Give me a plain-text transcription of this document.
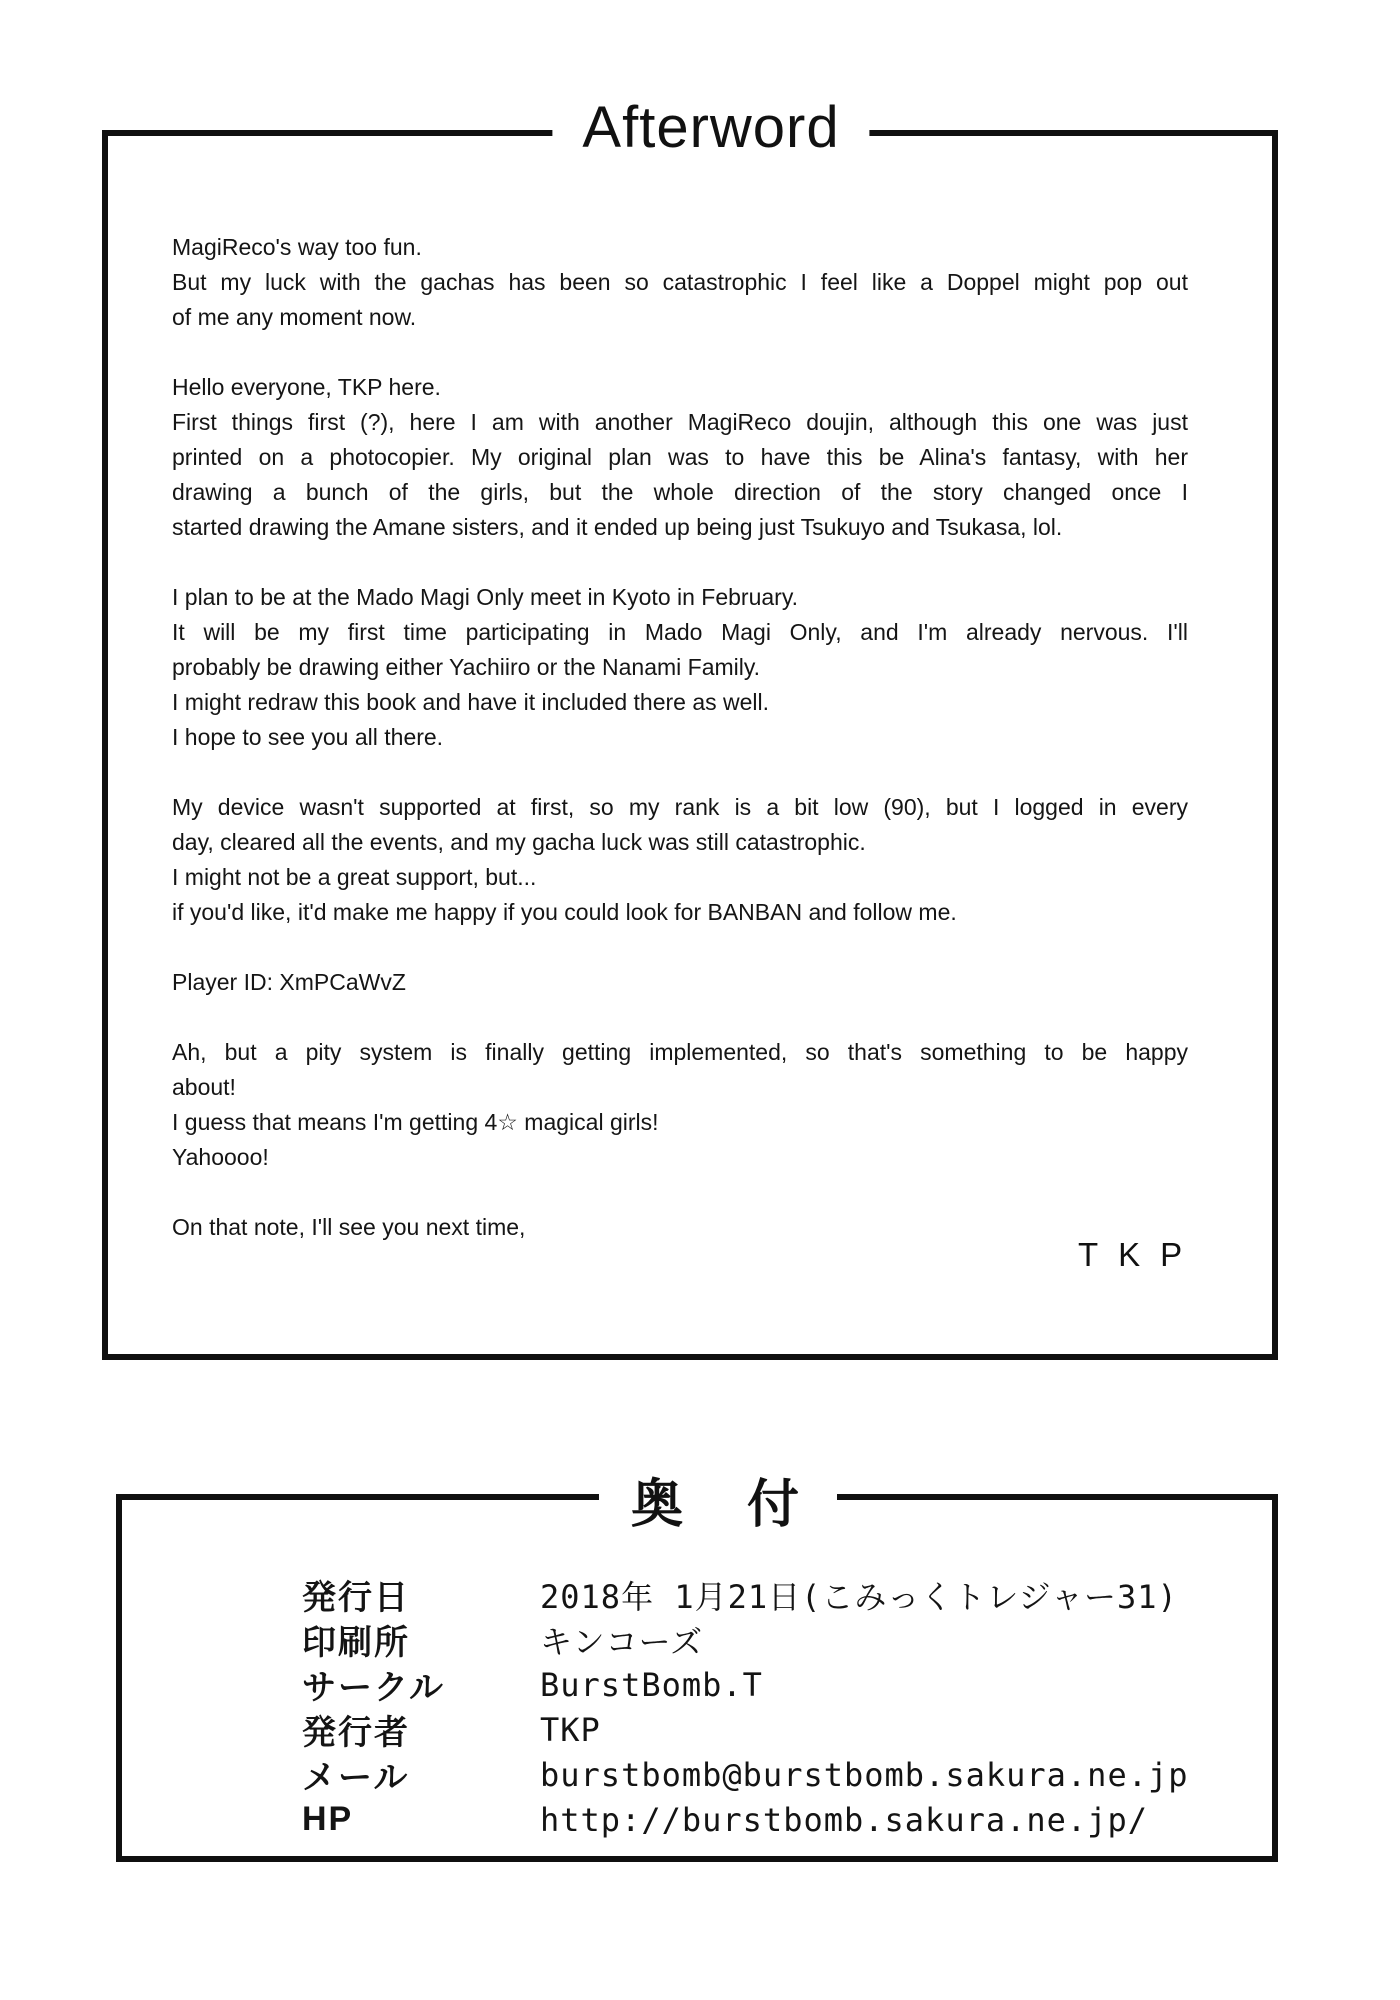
Afterword
MagiReco's way too fun.
But my luck with the gachas has been so catastrophic I feel like a Doppel might pop out
of me any moment now.
Hello everyone, TKP here.
First things first (?), here I am with another MagiReco doujin, although this one was just
printed on a photocopier. My original plan was to have this be Alina's fantasy, with her
drawing a bunch of the girls, but the whole direction of the story changed once I
started drawing the Amane sisters, and it ended up being just Tsukuyo and Tsukasa, lol.
I plan to be at the Mado Magi Only meet in Kyoto in February.
It will be my first time participating in Mado Magi Only, and I'm already nervous. I'll
probably be drawing either Yachiiro or the Nanami Family.
I might redraw this book and have it included there as well.
I hope to see you all there.
My device wasn't supported at first, so my rank is a bit low (90), but I logged in every
day, cleared all the events, and my gacha luck was still catastrophic.
I might not be a great support, but...
if you'd like, it'd make me happy if you could look for BANBAN and follow me.
Player ID: XmPCaWvZ
Ah, but a pity system is finally getting implemented, so that's something to be happy
about!
I guess that means I'm getting 4☆ magical girls!
Yahoooo!
On that note, I'll see you next time,
TKP
奥　付
発行日	2018年 1月21日(こみっくトレジャー31)
印刷所	キンコーズ
サークル	BurstBomb.T
発行者	TKP
メール	burstbomb@burstbomb.sakura.ne.jp
HP	http://burstbomb.sakura.ne.jp/
